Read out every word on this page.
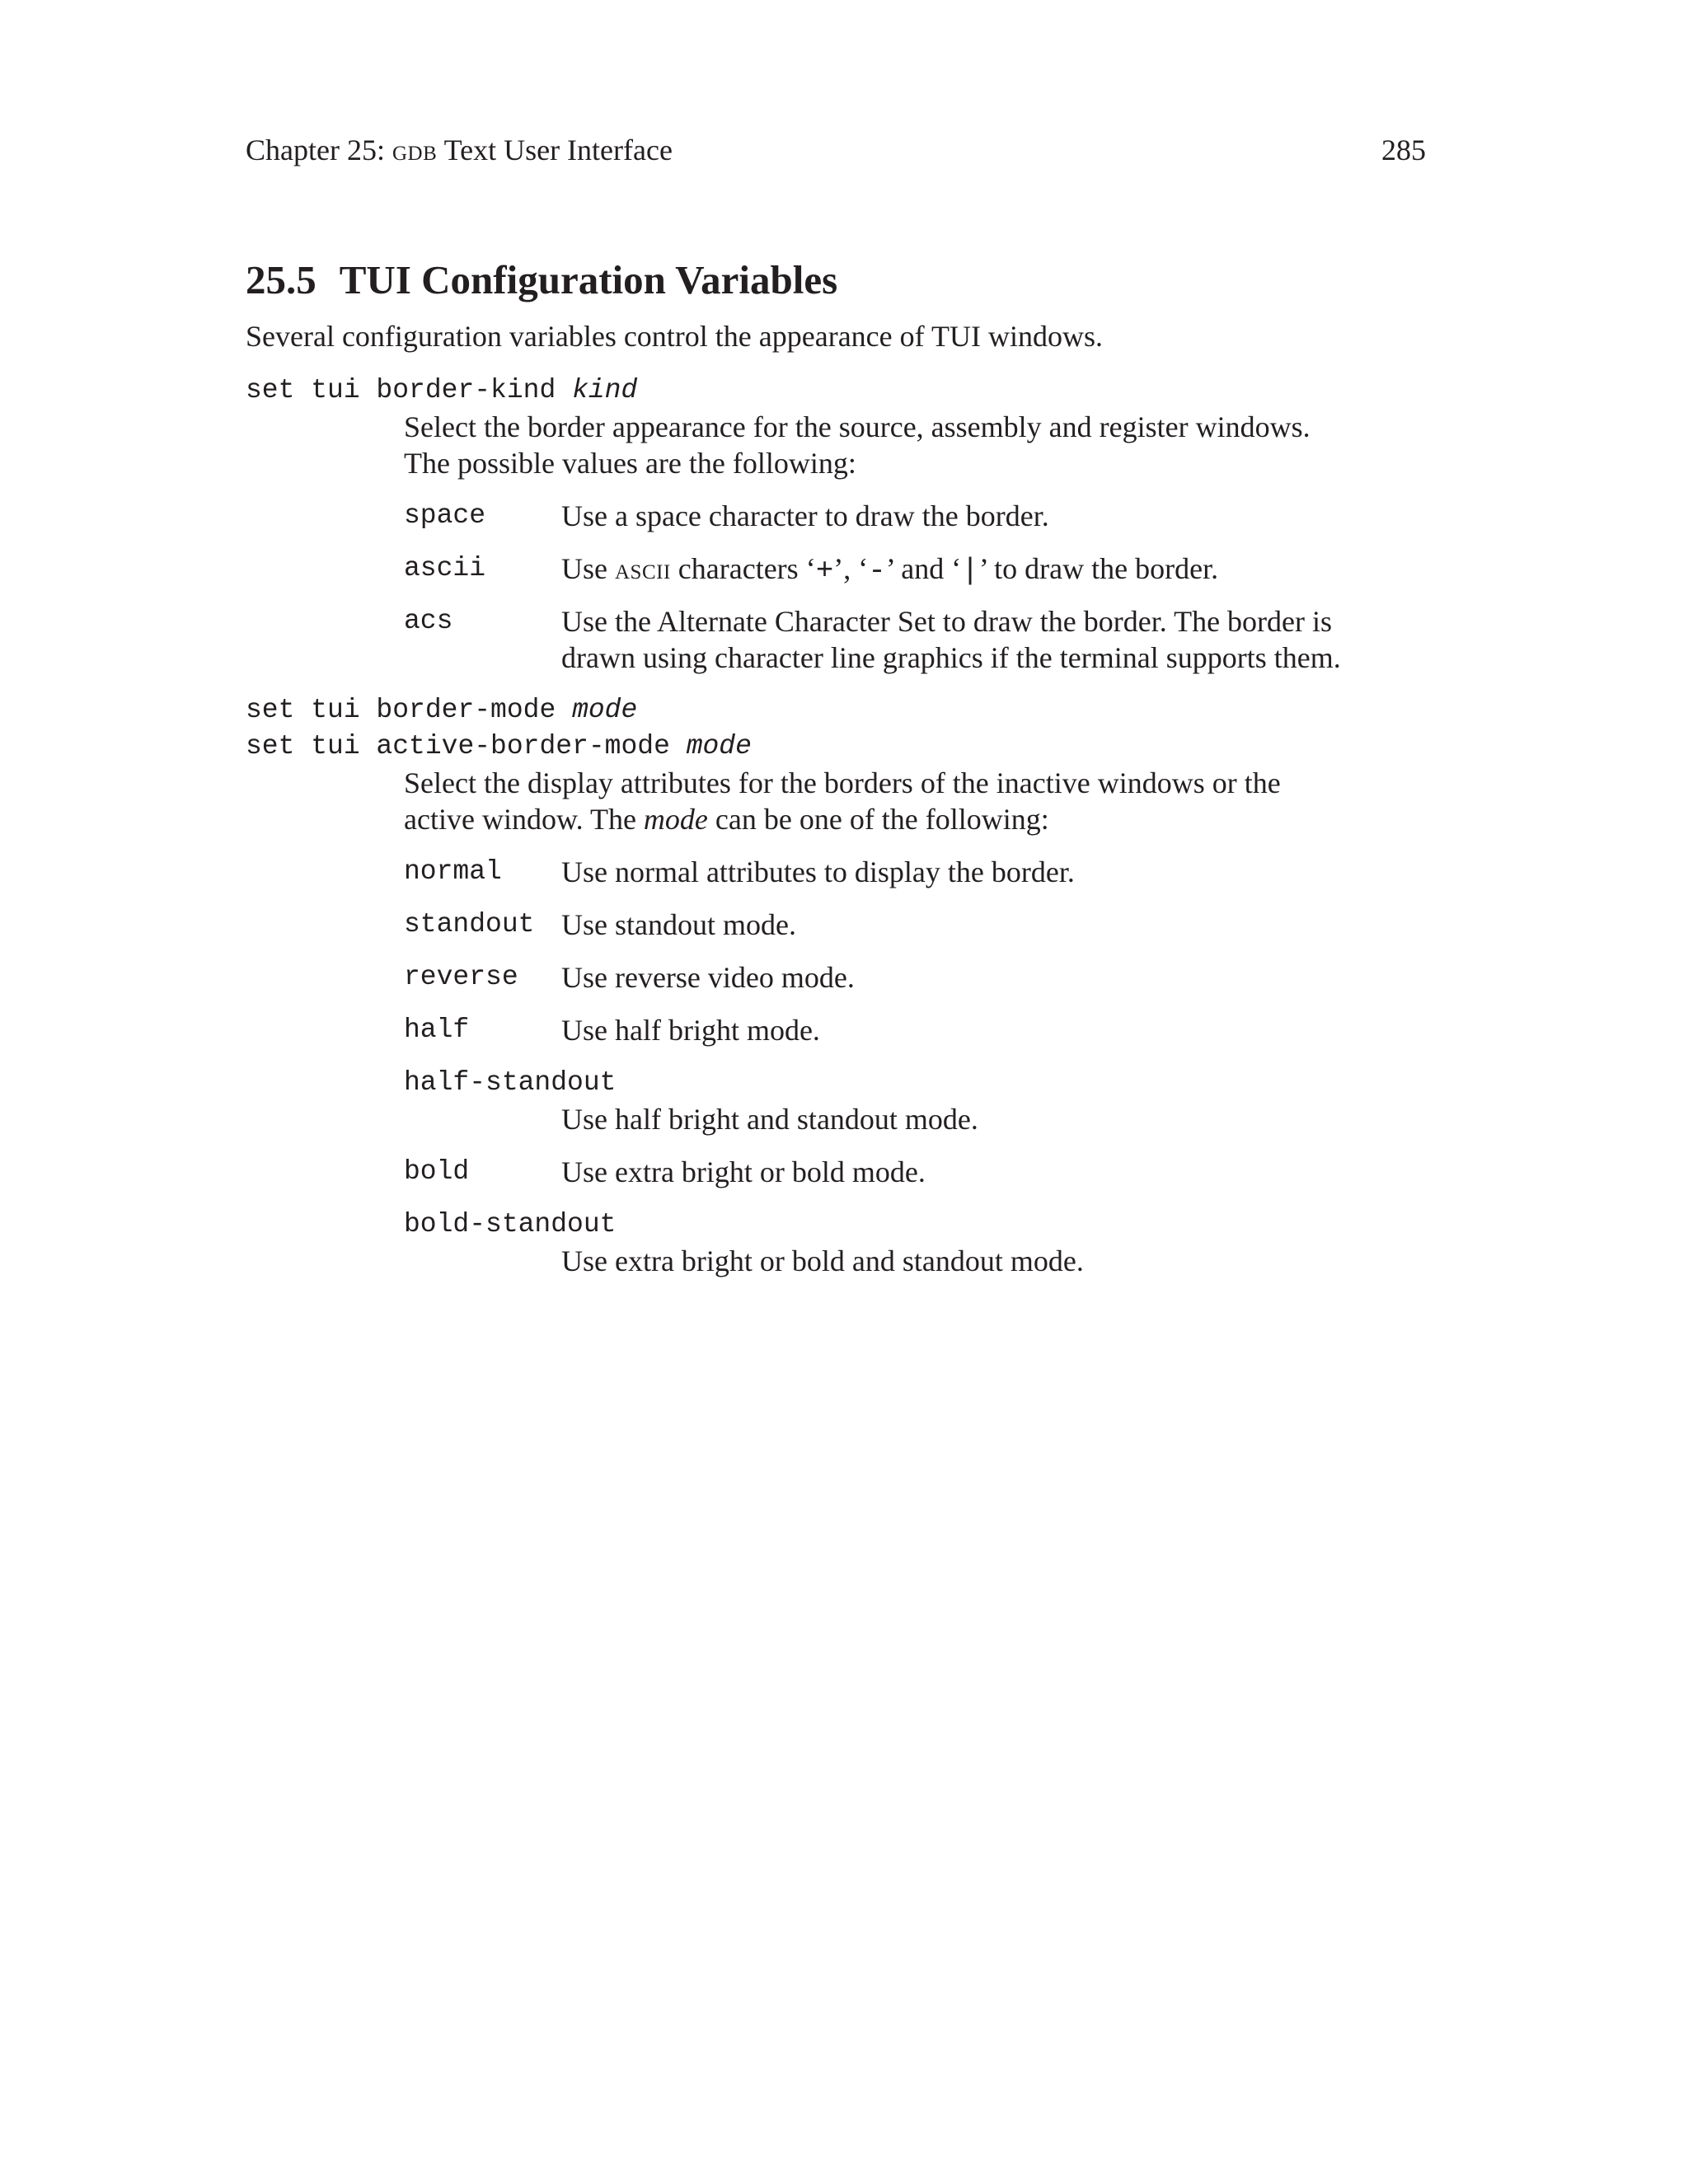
Chapter 25: gdb Text User Interface	285
25.5 TUI Configuration Variables

Several configuration variables control the appearance of TUI windows.

set tui border-kind kind

Select the border appearance for the source, assembly and register windows.

The possible values are the following:

space	Use a space character to draw the border.

ascii	Use ascii characters ‘+’, ‘-’ and ‘|’ to draw the border.

acs	Use the Alternate Character Set to draw the border. The border is

drawn using character line graphics if the terminal supports them.

set tui border-mode mode
set tui active-border-mode mode

Select the display attributes for the borders of the inactive windows or the

active window. The mode can be one of the following:

normal Use normal attributes to display the border.

standout Use standout mode.

reverse Use reverse video mode.

half	Use half bright mode.

half-standout

Use half bright and standout mode.

bold	Use extra bright or bold mode.

bold-standout

Use extra bright or bold and standout mode.
